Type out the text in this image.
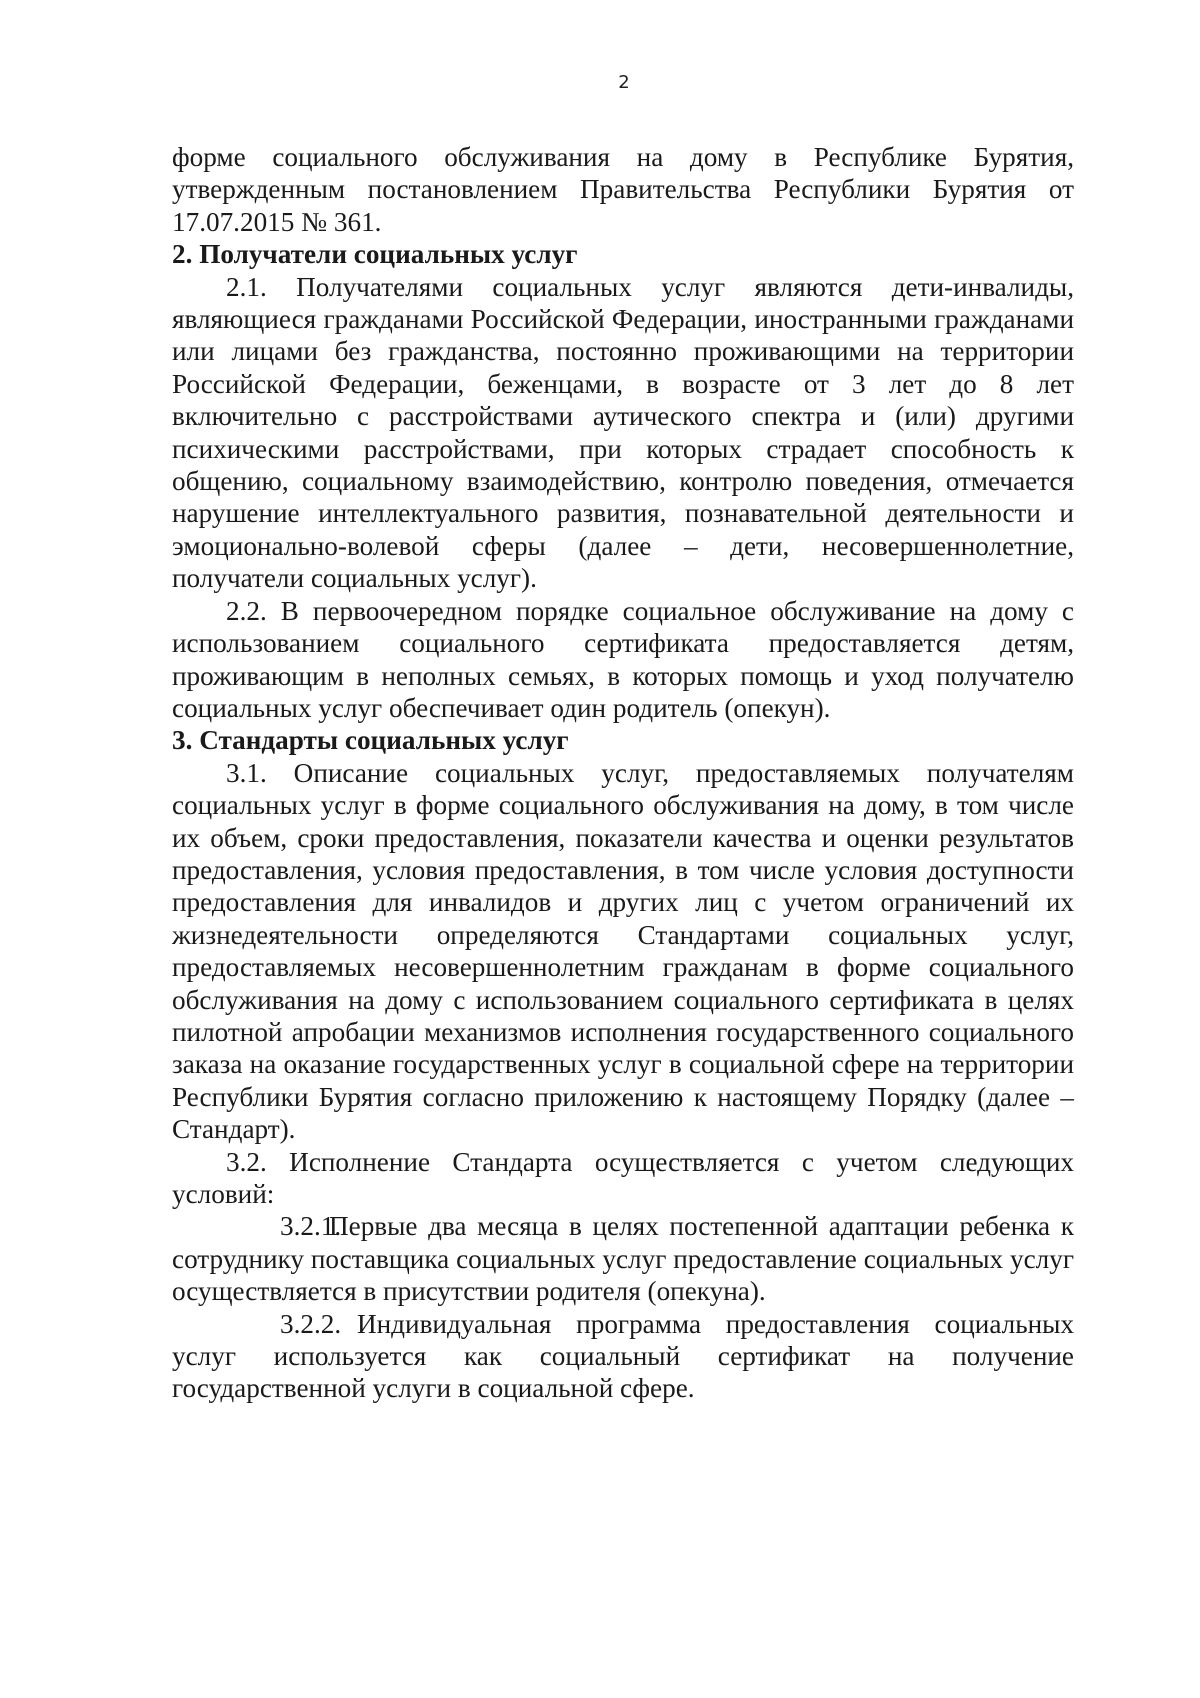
2

форме социального обслуживания на дому в Республике Бурятия, утвержденным постановлением Правительства Республики Бурятия от 17.07.2015 № 361.

2. Получатели социальных услуг

2.1. Получателями социальных услуг являются дети-инвалиды, являющиеся гражданами Российской Федерации, иностранными гражданами или лицами без гражданства, постоянно проживающими на территории Российской Федерации, беженцами, в возрасте от 3 лет до 8 лет включительно с расстройствами аутического спектра и (или) другими психическими расстройствами, при которых страдает способность к общению, социальному взаимодействию, контролю поведения, отмечается нарушение интеллектуального развития, познавательной деятельности и эмоционально-волевой сферы (далее – дети, несовершеннолетние, получатели социальных услуг).

2.2. В первоочередном порядке социальное обслуживание на дому с использованием социального сертификата предоставляется детям, проживающим в неполных семьях, в которых помощь и уход получателю социальных услуг обеспечивает один родитель (опекун).

3. Стандарты социальных услуг

3.1. Описание социальных услуг, предоставляемых получателям социальных услуг в форме социального обслуживания на дому, в том числе их объем, сроки предоставления, показатели качества и оценки результатов предоставления, условия предоставления, в том числе условия доступности предоставления для инвалидов и других лиц с учетом ограничений их жизнедеятельности определяются Стандартами социальных услуг, предоставляемых несовершеннолетним гражданам в форме социального обслуживания на дому с использованием социального сертификата в целях пилотной апробации механизмов исполнения государственного социального заказа на оказание государственных услуг в социальной сфере на территории Республики Бурятия согласно приложению к настоящему Порядку (далее – Стандарт).

3.2. Исполнение Стандарта осуществляется с учетом следующих условий:

3.2.1.Первые два месяца в целях постепенной адаптации ребенка к сотруднику поставщика социальных услуг предоставление социальных услуг осуществляется в присутствии родителя (опекуна).

3.2.2. Индивидуальная программа предоставления социальных услуг используется как социальный сертификат на получение государственной услуги в социальной сфере.
